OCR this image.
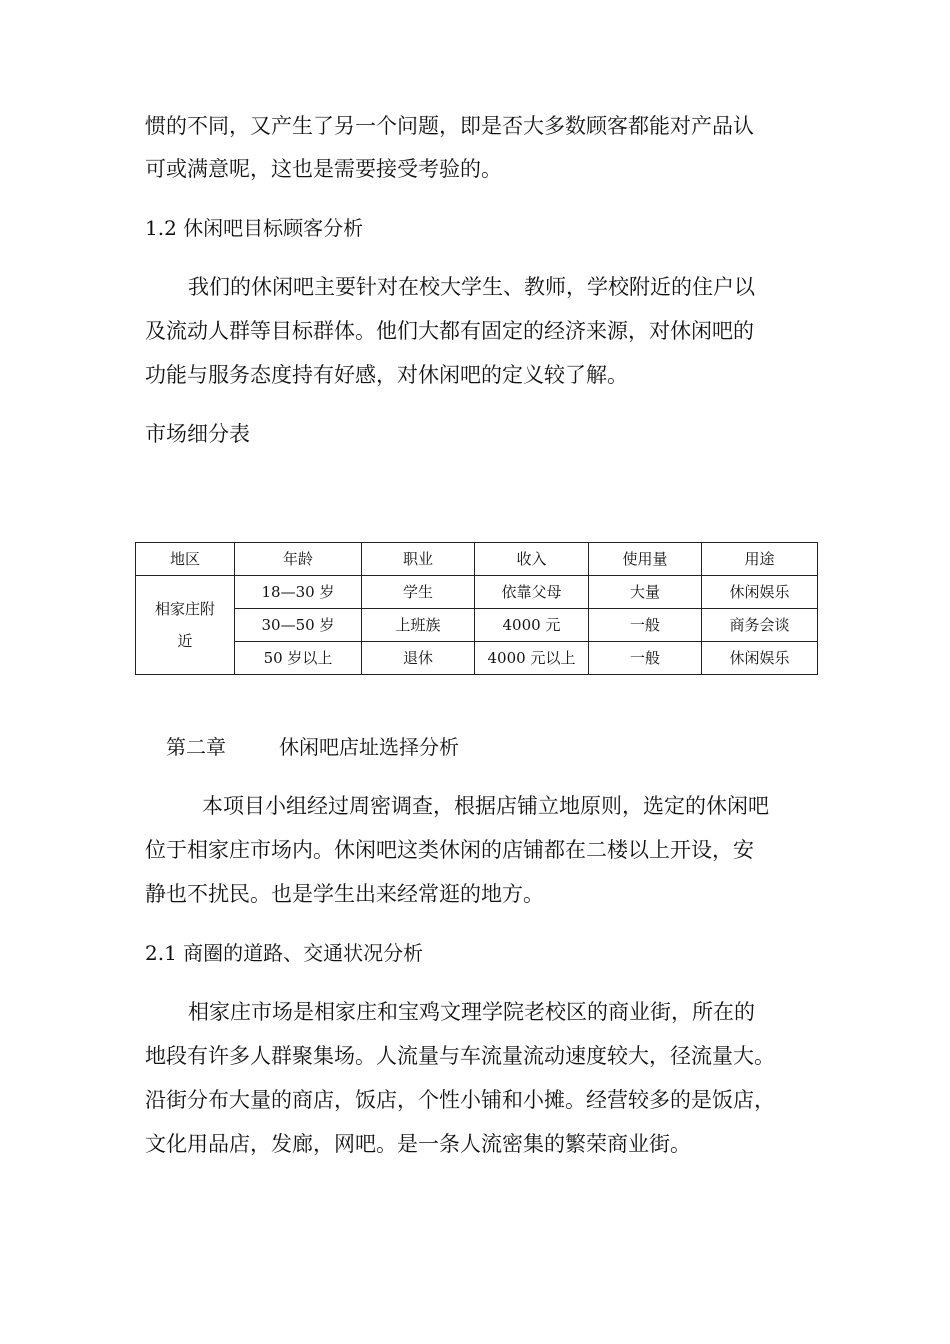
惯的不同，又产生了另一个问题，即是否大多数顾客都能对产品认

可或满意呢，这也是需要接受考验的。

1.2 休闲吧目标顾客分析

我们的休闲吧主要针对在校大学生、教师，学校附近的住户以

及流动人群等目标群体。他们大都有固定的经济来源，对休闲吧的

功能与服务态度持有好感，对休闲吧的定义较了解。

市场细分表

地区	年龄	职业	收入	使用量	用途

相家庄附
近	18—30 岁	学生	依靠父母	大量	休闲娱乐
	30—50 岁	上班族	4000 元	一般	商务会谈
	50 岁以上	退休	4000 元以上	一般	休闲娱乐

第二章	休闲吧店址选择分析

本项目小组经过周密调查，根据店铺立地原则，选定的休闲吧

位于相家庄市场内。休闲吧这类休闲的店铺都在二楼以上开设，安

静也不扰民。也是学生出来经常逛的地方。

2.1 商圈的道路、交通状况分析

相家庄市场是相家庄和宝鸡文理学院老校区的商业街，所在的

地段有许多人群聚集场。人流量与车流量流动速度较大，径流量大。

沿街分布大量的商店，饭店，个性小铺和小摊。经营较多的是饭店，

文化用品店，发廊，网吧。是一条人流密集的繁荣商业街。
